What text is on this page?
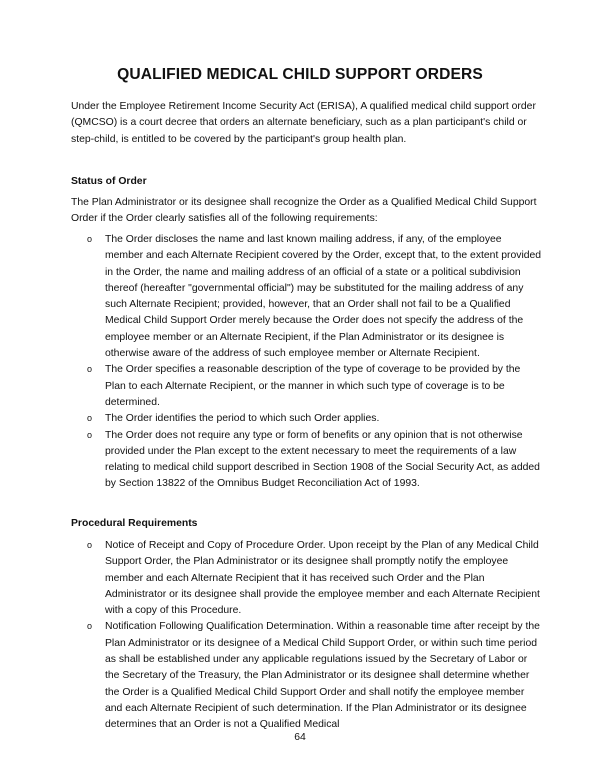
QUALIFIED MEDICAL CHILD SUPPORT ORDERS
Under the Employee Retirement Income Security Act (ERISA), A qualified medical child support order (QMCSO) is a court decree that orders an alternate beneficiary, such as a plan participant's child or step-child, is entitled to be covered by the participant's group health plan.
Status of Order
The Plan Administrator or its designee shall recognize the Order as a Qualified Medical Child Support Order if the Order clearly satisfies all of the following requirements:
o The Order discloses the name and last known mailing address, if any, of the employee member and each Alternate Recipient covered by the Order, except that, to the extent provided in the Order, the name and mailing address of an official of a state or a political subdivision thereof (hereafter "governmental official") may be substituted for the mailing address of any such Alternate Recipient; provided, however, that an Order shall not fail to be a Qualified Medical Child Support Order merely because the Order does not specify the address of the employee member or an Alternate Recipient, if the Plan Administrator or its designee is otherwise aware of the address of such employee member or Alternate Recipient.
o The Order specifies a reasonable description of the type of coverage to be provided by the Plan to each Alternate Recipient, or the manner in which such type of coverage is to be determined.
o The Order identifies the period to which such Order applies.
o The Order does not require any type or form of benefits or any opinion that is not otherwise provided under the Plan except to the extent necessary to meet the requirements of a law relating to medical child support described in Section 1908 of the Social Security Act, as added by Section 13822 of the Omnibus Budget Reconciliation Act of 1993.
Procedural Requirements
o Notice of Receipt and Copy of Procedure Order. Upon receipt by the Plan of any Medical Child Support Order, the Plan Administrator or its designee shall promptly notify the employee member and each Alternate Recipient that it has received such Order and the Plan Administrator or its designee shall provide the employee member and each Alternate Recipient with a copy of this Procedure.
o Notification Following Qualification Determination. Within a reasonable time after receipt by the Plan Administrator or its designee of a Medical Child Support Order, or within such time period as shall be established under any applicable regulations issued by the Secretary of Labor or the Secretary of the Treasury, the Plan Administrator or its designee shall determine whether the Order is a Qualified Medical Child Support Order and shall notify the employee member and each Alternate Recipient of such determination. If the Plan Administrator or its designee determines that an Order is not a Qualified Medical
64
